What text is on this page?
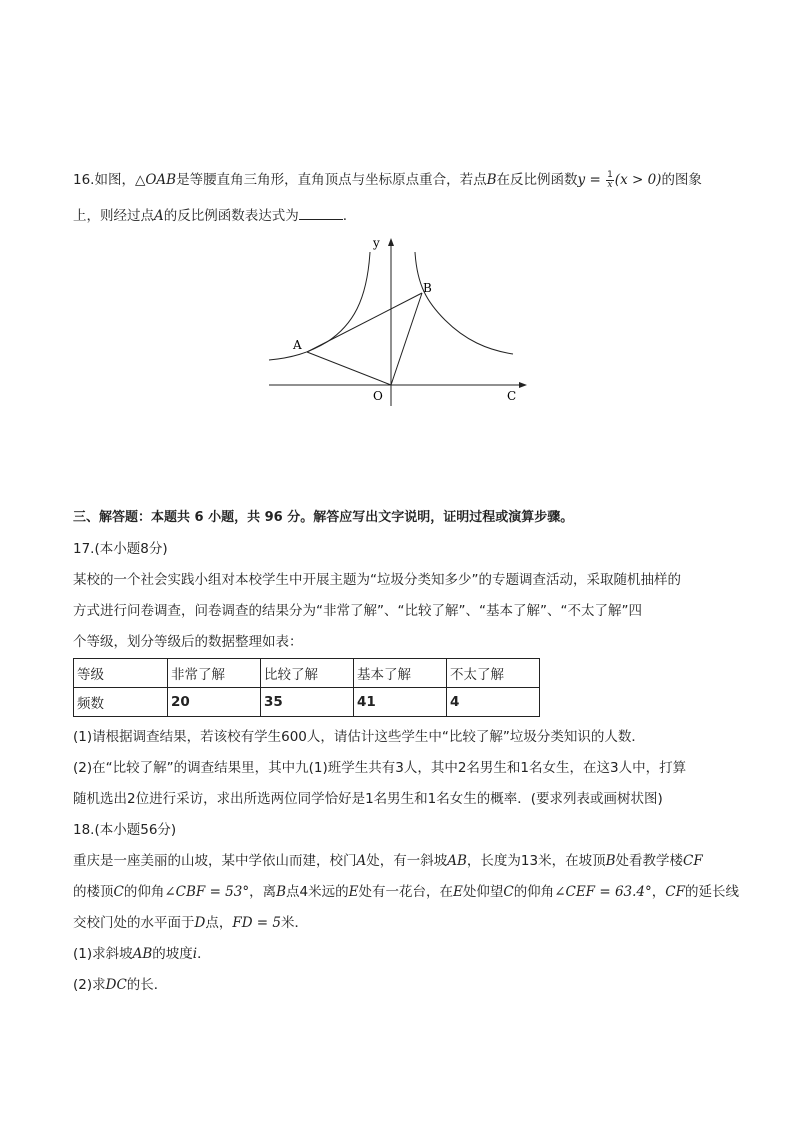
16.如图，△OAB是等腰直角三角形，直角顶点与坐标原点重合，若点B在反比例函数$y = \frac{1}{x} (x > 0)$的图象
上，则经过点A的反比例函数表达式为	.
y
B
A
O	C
三、解答题：本题共 6 小题，共 96 分。解答应写出文字说明，证明过程或演算步骤。
17.(本小题8分)
某校的一个社会实践小组对本校学生中开展主题为“垃圾分类知多少”的专题调查活动，采取随机抽样的
方式进行问卷调查，问卷调查的结果分为“非常了解”、“比较了解”、“基本了解”、“不太了解”四
个等级，划分等级后的数据整理如表：
等级	非常了解	比较了解	基本了解	不太了解
频数	20	35	41	4
(1)请根据调查结果，若该校有学生600人，请估计这些学生中“比较了解”垃圾分类知识的人数．
(2)在“比较了解”的调查结果里，其中九(1)班学生共有3人，其中2名男生和1名女生，在这3人中，打算
随机选出2位进行采访，求出所选两位同学恰好是1名男生和1名女生的概率．(要求列表或画树状图)
18.(本小题56分)
重庆是一座美丽的山坡，某中学依山而建，校门A处，有一斜坡AB，长度为13米，在坡顶B处看教学楼CF
的楼顶C的仰角∠CBF = 53°，离B点4米远的E处有一花台，在E处仰望C的仰角∠CEF = 63.4°，CF的延长线
交校门处的水平面于D点，FD = 5米．
(1)求斜坡AB的坡度i．
(2)求DC的长．
